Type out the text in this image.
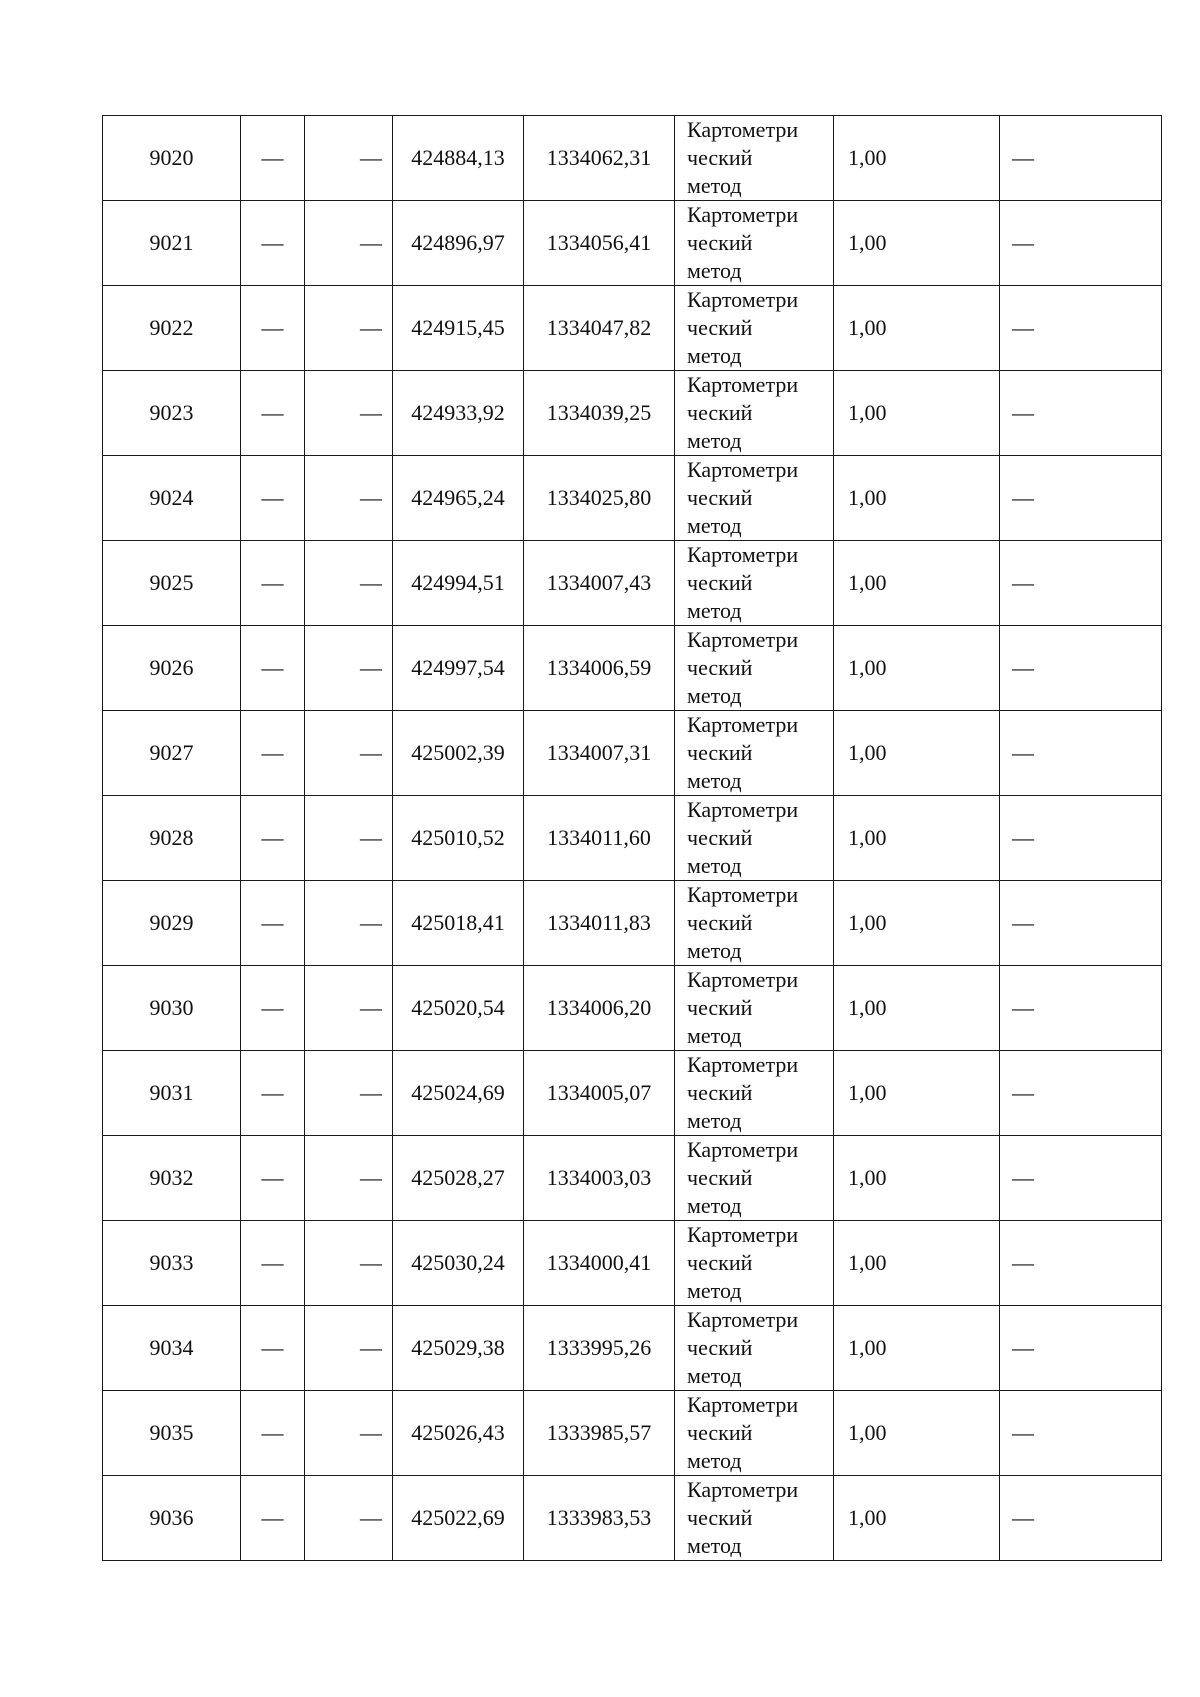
9020	—	—	424884,13	1334062,31	Картометри
ческий
метод	1,00	—
9021	—	—	424896,97	1334056,41	Картометри
ческий
метод	1,00	—
9022	—	—	424915,45	1334047,82	Картометри
ческий
метод	1,00	—
9023	—	—	424933,92	1334039,25	Картометри
ческий
метод	1,00	—
9024	—	—	424965,24	1334025,80	Картометри
ческий
метод	1,00	—
9025	—	—	424994,51	1334007,43	Картометри
ческий
метод	1,00	—
9026	—	—	424997,54	1334006,59	Картометри
ческий
метод	1,00	—
9027	—	—	425002,39	1334007,31	Картометри
ческий
метод	1,00	—
9028	—	—	425010,52	1334011,60	Картометри
ческий
метод	1,00	—
9029	—	—	425018,41	1334011,83	Картометри
ческий
метод	1,00	—
9030	—	—	425020,54	1334006,20	Картометри
ческий
метод	1,00	—
9031	—	—	425024,69	1334005,07	Картометри
ческий
метод	1,00	—
9032	—	—	425028,27	1334003,03	Картометри
ческий
метод	1,00	—
9033	—	—	425030,24	1334000,41	Картометри
ческий
метод	1,00	—
9034	—	—	425029,38	1333995,26	Картометри
ческий
метод	1,00	—
9035	—	—	425026,43	1333985,57	Картометри
ческий
метод	1,00	—
9036	—	—	425022,69	1333983,53	Картометри
ческий
метод	1,00	—
